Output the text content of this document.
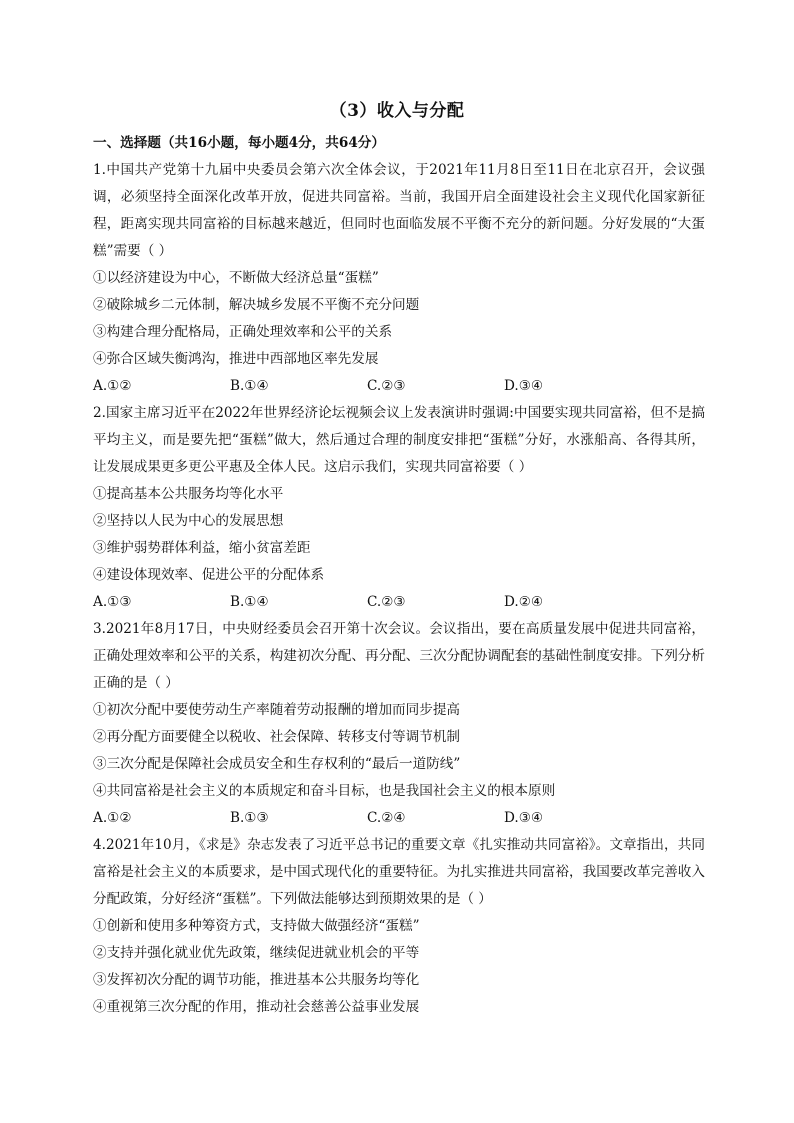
（3）收入与分配
一、选择题（共16小题，每小题4分，共64分）
1.中国共产党第十九届中央委员会第六次全体会议，于2021年11月8日至11日在北京召开，会议强调，必须坚持全面深化改革开放，促进共同富裕。当前，我国开启全面建设社会主义现代化国家新征程，距离实现共同富裕的目标越来越近，但同时也面临发展不平衡不充分的新问题。分好发展的“大蛋糕”需要（ ）
①以经济建设为中心，不断做大经济总量“蛋糕”
②破除城乡二元体制，解决城乡发展不平衡不充分问题
③构建合理分配格局，正确处理效率和公平的关系
④弥合区域失衡鸿沟，推进中西部地区率先发展
A.①②	B.①④	C.②③	D.③④
2.国家主席习近平在2022年世界经济论坛视频会议上发表演讲时强调:中国要实现共同富裕，但不是搞平均主义，而是要先把“蛋糕”做大，然后通过合理的制度安排把“蛋糕”分好，水涨船高、各得其所，让发展成果更多更公平惠及全体人民。这启示我们，实现共同富裕要（ ）
①提高基本公共服务均等化水平
②坚持以人民为中心的发展思想
③维护弱势群体利益，缩小贫富差距
④建设体现效率、促进公平的分配体系
A.①③	B.①④	C.②③	D.②④
3.2021年8月17日，中央财经委员会召开第十次会议。会议指出，要在高质量发展中促进共同富裕，正确处理效率和公平的关系，构建初次分配、再分配、三次分配协调配套的基础性制度安排。下列分析正确的是（ ）
①初次分配中要使劳动生产率随着劳动报酬的增加而同步提高
②再分配方面要健全以税收、社会保障、转移支付等调节机制
③三次分配是保障社会成员安全和生存权利的“最后一道防线”
④共同富裕是社会主义的本质规定和奋斗目标，也是我国社会主义的根本原则
A.①②	B.①③	C.②④	D.③④
4.2021年10月，《求是》杂志发表了习近平总书记的重要文章《扎实推动共同富裕》。文章指出，共同富裕是社会主义的本质要求，是中国式现代化的重要特征。为扎实推进共同富裕，我国要改革完善收入分配政策，分好经济“蛋糕”。下列做法能够达到预期效果的是（ ）
①创新和使用多种筹资方式，支持做大做强经济“蛋糕”
②支持并强化就业优先政策，继续促进就业机会的平等
③发挥初次分配的调节功能，推进基本公共服务均等化
④重视第三次分配的作用，推动社会慈善公益事业发展
